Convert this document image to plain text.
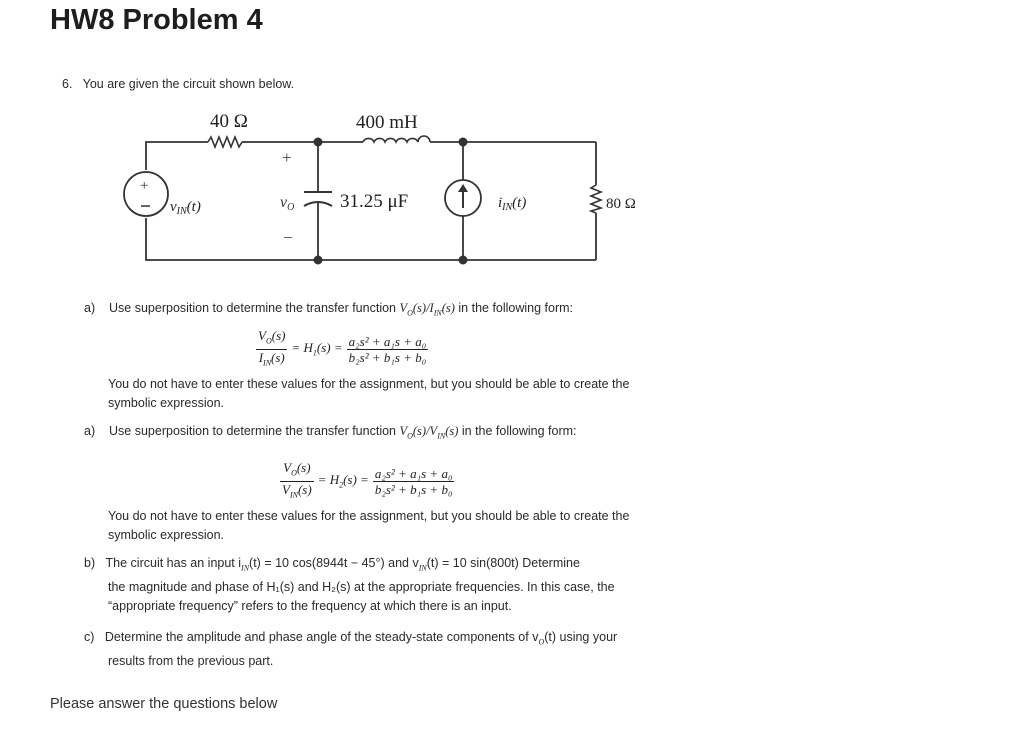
HW8 Problem 4
6. You are given the circuit shown below.
+
40 Ω	400 mH
31.25 μF	80 Ω
+
−
$v_{IN}(t)$	vO	$i_{IN}(t)$
a) Use superposition to determine the transfer function $V_O(s)/I_{IN}(s)$ in the following form:
$\frac{V_O(s)}{I_{IN}(s)} = H_1(s) = \frac{\text{a₂s² + a₁s + a₀}}{\text{b₂s² + b₁s + b₀}}$
You do not have to enter these values for the assignment, but you should be able to create the symbolic expression.
a) Use superposition to determine the transfer function $V_O(s)/V_{IN}(s)$ in the following form:
$\frac{V_O(s)}{V_{IN}(s)} = H_2(s) = \frac{\text{a₂s² + a₁s + a₀}}{\text{b₂s² + b₁s + b₀}}$
You do not have to enter these values for the assignment, but you should be able to create the symbolic expression.
b) The circuit has an input $i_{IN}(t) = 10$ cos(8944t − 45°) and $v_{IN}(t) = 10$ sin(800t) Determine
the magnitude and phase of H₁(s) and H₂(s) at the appropriate frequencies. In this case, the
“appropriate frequency” refers to the frequency at which there is an input.
c) Determine the amplitude and phase angle of the steady-state components of $v_O(t)$ using your
results from the previous part.
Please answer the questions below
